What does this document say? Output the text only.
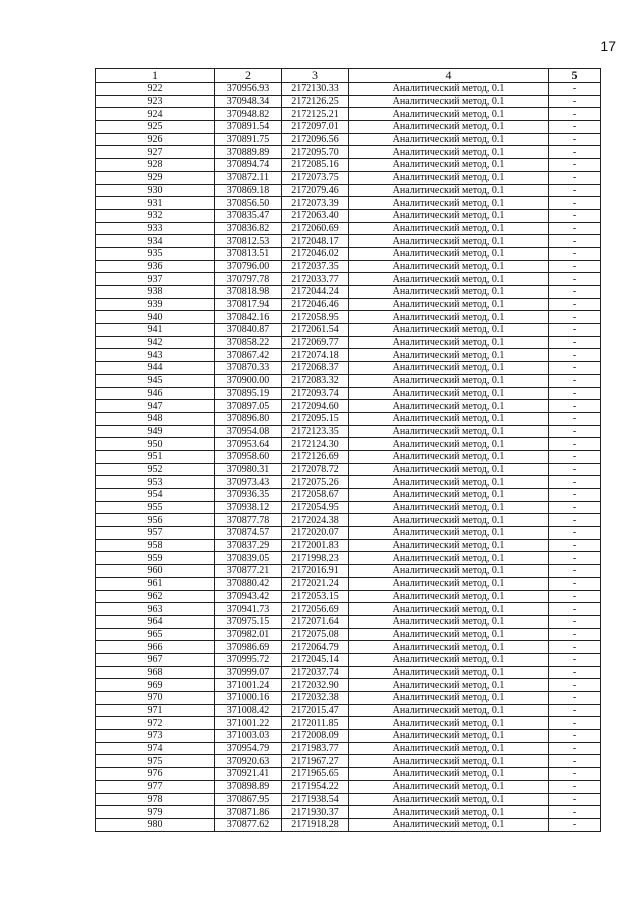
17
1	2	3	4	5
922	370956.93	2172130.33	Аналитический метод, 0.1	-
923	370948.34	2172126.25	Аналитический метод, 0.1	-
924	370948.82	2172125.21	Аналитический метод, 0.1	-
925	370891.54	2172097.01	Аналитический метод, 0.1	-
926	370891.75	2172096.56	Аналитический метод, 0.1	-
927	370889.89	2172095.70	Аналитический метод, 0.1	-
928	370894.74	2172085.16	Аналитический метод, 0.1	-
929	370872.11	2172073.75	Аналитический метод, 0.1	-
930	370869.18	2172079.46	Аналитический метод, 0.1	-
931	370856.50	2172073.39	Аналитический метод, 0.1	-
932	370835.47	2172063.40	Аналитический метод, 0.1	-
933	370836.82	2172060.69	Аналитический метод, 0.1	-
934	370812.53	2172048.17	Аналитический метод, 0.1	-
935	370813.51	2172046.02	Аналитический метод, 0.1	-
936	370796.00	2172037.35	Аналитический метод, 0.1	-
937	370797.78	2172033.77	Аналитический метод, 0.1	-
938	370818.98	2172044.24	Аналитический метод, 0.1	-
939	370817.94	2172046.46	Аналитический метод, 0.1	-
940	370842.16	2172058.95	Аналитический метод, 0.1	-
941	370840.87	2172061.54	Аналитический метод, 0.1	-
942	370858.22	2172069.77	Аналитический метод, 0.1	-
943	370867.42	2172074.18	Аналитический метод, 0.1	-
944	370870.33	2172068.37	Аналитический метод, 0.1	-
945	370900.00	2172083.32	Аналитический метод, 0.1	-
946	370895.19	2172093.74	Аналитический метод, 0.1	-
947	370897.05	2172094.60	Аналитический метод, 0.1	-
948	370896.80	2172095.15	Аналитический метод, 0.1	-
949	370954.08	2172123.35	Аналитический метод, 0.1	-
950	370953.64	2172124.30	Аналитический метод, 0.1	-
951	370958.60	2172126.69	Аналитический метод, 0.1	-
952	370980.31	2172078.72	Аналитический метод, 0.1	-
953	370973.43	2172075.26	Аналитический метод, 0.1	-
954	370936.35	2172058.67	Аналитический метод, 0.1	-
955	370938.12	2172054.95	Аналитический метод, 0.1	-
956	370877.78	2172024.38	Аналитический метод, 0.1	-
957	370874.57	2172020.07	Аналитический метод, 0.1	-
958	370837.29	2172001.83	Аналитический метод, 0.1	-
959	370839.05	2171998.23	Аналитический метод, 0.1	-
960	370877.21	2172016.91	Аналитический метод, 0.1	-
961	370880.42	2172021.24	Аналитический метод, 0.1	-
962	370943.42	2172053.15	Аналитический метод, 0.1	-
963	370941.73	2172056.69	Аналитический метод, 0.1	-
964	370975.15	2172071.64	Аналитический метод, 0.1	-
965	370982.01	2172075.08	Аналитический метод, 0.1	-
966	370986.69	2172064.79	Аналитический метод, 0.1	-
967	370995.72	2172045.14	Аналитический метод, 0.1	-
968	370999.07	2172037.74	Аналитический метод, 0.1	-
969	371001.24	2172032.90	Аналитический метод, 0.1	-
970	371000.16	2172032.38	Аналитический метод, 0.1	-
971	371008.42	2172015.47	Аналитический метод, 0.1	-
972	371001.22	2172011.85	Аналитический метод, 0.1	-
973	371003.03	2172008.09	Аналитический метод, 0.1	-
974	370954.79	2171983.77	Аналитический метод, 0.1	-
975	370920.63	2171967.27	Аналитический метод, 0.1	-
976	370921.41	2171965.65	Аналитический метод, 0.1	-
977	370898.89	2171954.22	Аналитический метод, 0.1	-
978	370867.95	2171938.54	Аналитический метод, 0.1	-
979	370871.86	2171930.37	Аналитический метод, 0.1	-
980	370877.62	2171918.28	Аналитический метод, 0.1	-
